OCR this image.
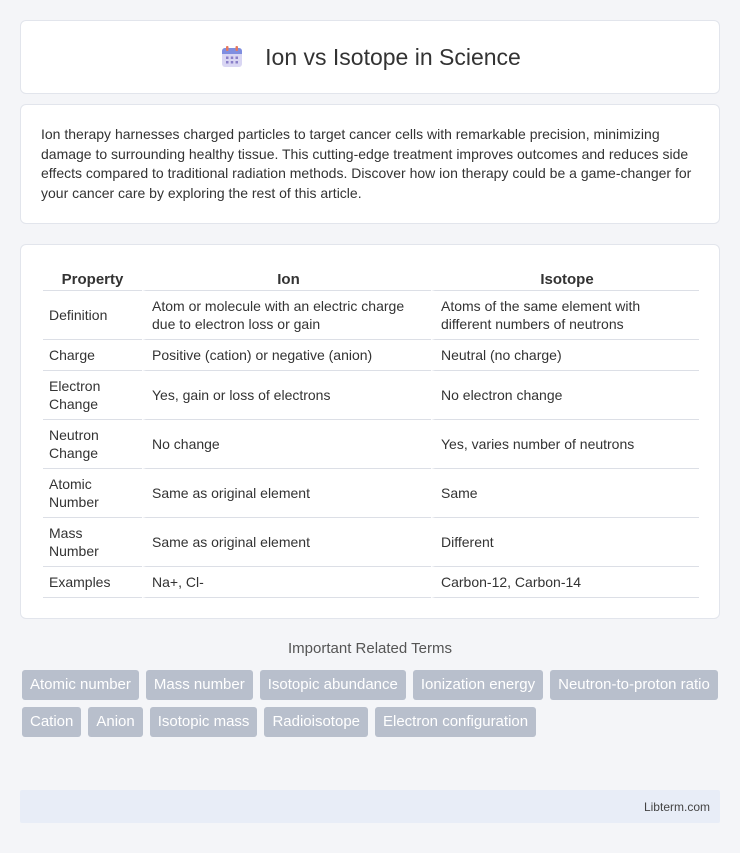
Ion vs Isotope in Science

Ion therapy harnesses charged particles to target cancer cells with remarkable precision, minimizing damage to surrounding healthy tissue. This cutting-edge treatment improves outcomes and reduces side effects compared to traditional radiation methods. Discover how ion therapy could be a game-changer for your cancer care by exploring the rest of this article.

Property	Ion	Isotope
Definition	Atom or molecule with an electric charge due to electron loss or gain	Atoms of the same element with different numbers of neutrons
Charge	Positive (cation) or negative (anion)	Neutral (no charge)
Electron Change	Yes, gain or loss of electrons	No electron change
Neutron Change	No change	Yes, varies number of neutrons
Atomic Number	Same as original element	Same
Mass Number	Same as original element	Different
Examples	Na+, Cl-	Carbon-12, Carbon-14
Important Related Terms
Atomic number	Mass number	Isotopic abundance	Ionization energy	Neutron-to-proton ratio
Cation	Anion	Isotopic mass	Radioisotope	Electron configuration
Libterm.com
